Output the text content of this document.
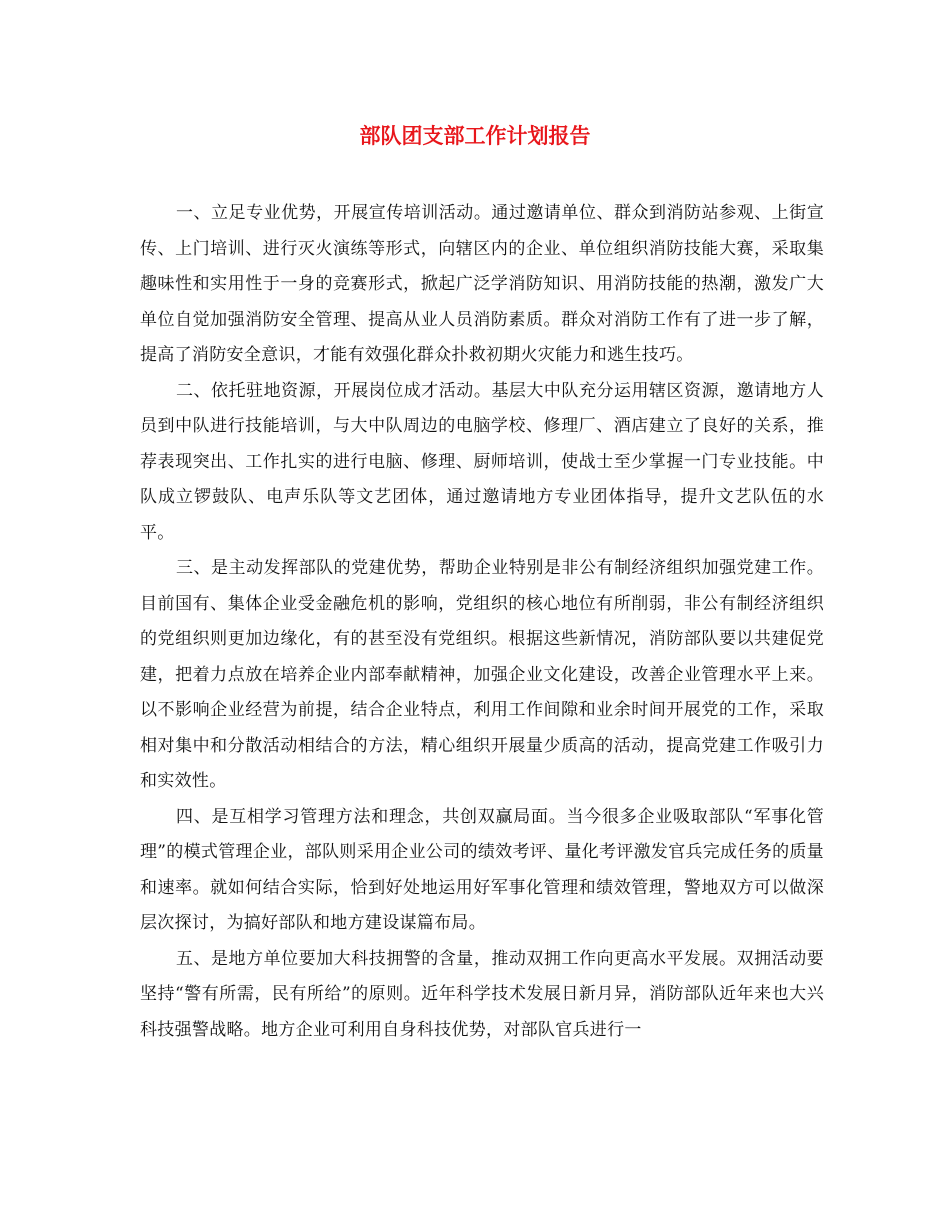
部队团支部工作计划报告

一、立足专业优势，开展宣传培训活动。通过邀请单位、群众到消防站参观、上街宣传、上门培训、进行灭火演练等形式，向辖区内的企业、单位组织消防技能大赛，采取集趣味性和实用性于一身的竞赛形式，掀起广泛学消防知识、用消防技能的热潮，激发广大单位自觉加强消防安全管理、提高从业人员消防素质。群众对消防工作有了进一步了解，提高了消防安全意识，才能有效强化群众扑救初期火灾能力和逃生技巧。

二、依托驻地资源，开展岗位成才活动。基层大中队充分运用辖区资源，邀请地方人员到中队进行技能培训，与大中队周边的电脑学校、修理厂、酒店建立了良好的关系，推荐表现突出、工作扎实的进行电脑、修理、厨师培训，使战士至少掌握一门专业技能。中队成立锣鼓队、电声乐队等文艺团体，通过邀请地方专业团体指导，提升文艺队伍的水平。

三、是主动发挥部队的党建优势，帮助企业特别是非公有制经济组织加强党建工作。目前国有、集体企业受金融危机的影响，党组织的核心地位有所削弱，非公有制经济组织的党组织则更加边缘化，有的甚至没有党组织。根据这些新情况，消防部队要以共建促党建，把着力点放在培养企业内部奉献精神，加强企业文化建设，改善企业管理水平上来。以不影响企业经营为前提，结合企业特点，利用工作间隙和业余时间开展党的工作，采取相对集中和分散活动相结合的方法，精心组织开展量少质高的活动，提高党建工作吸引力和实效性。

四、是互相学习管理方法和理念，共创双赢局面。当今很多企业吸取部队“军事化管理”的模式管理企业，部队则采用企业公司的绩效考评、量化考评激发官兵完成任务的质量和速率。就如何结合实际，恰到好处地运用好军事化管理和绩效管理，警地双方可以做深层次探讨，为搞好部队和地方建设谋篇布局。

五、是地方单位要加大科技拥警的含量，推动双拥工作向更高水平发展。双拥活动要坚持“警有所需，民有所给”的原则。近年科学技术发展日新月异，消防部队近年来也大兴科技强警战略。地方企业可利用自身科技优势，对部队官兵进行一
